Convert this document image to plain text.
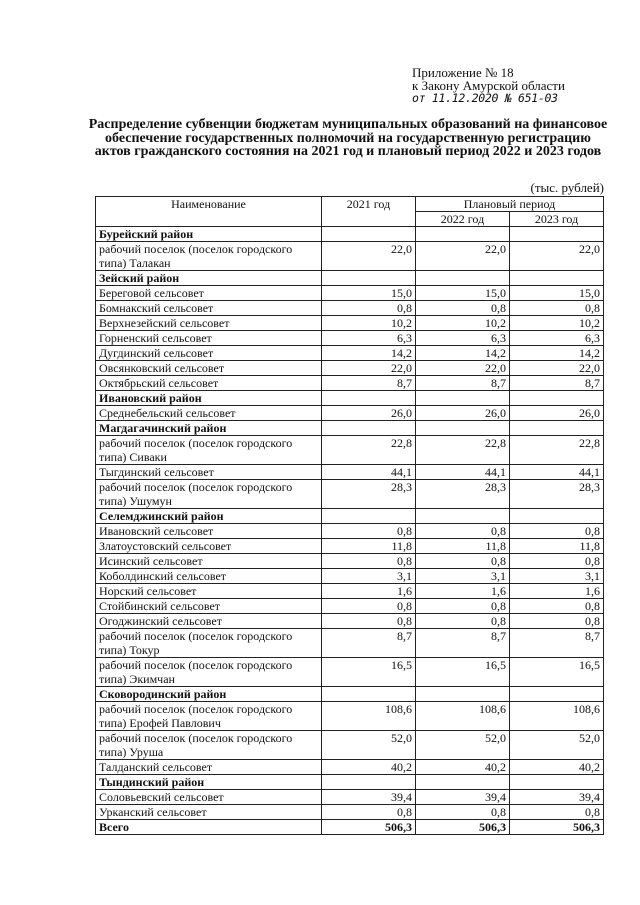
Приложение № 18
к Закону Амурской области
от 11.12.2020 № 651-03
Распределение субвенции бюджетам муниципальных образований на финансовое обеспечение государственных полномочий на государственную регистрацию актов гражданского состояния на 2021 год и плановый период 2022 и 2023 годов
(тыс. рублей)
Наименование	2021 год	Плановый период	
		2022 год	2023 год
Бурейский район			
рабочий поселок (поселок городского типа) Талакан	22,0	22,0	22,0
Зейский район			
Береговой сельсовет	15,0	15,0	15,0
Бомнакский сельсовет	0,8	0,8	0,8
Верхнезейский сельсовет	10,2	10,2	10,2
Горненский сельсовет	6,3	6,3	6,3
Дугдинский сельсовет	14,2	14,2	14,2
Овсянковский сельсовет	22,0	22,0	22,0
Октябрьский сельсовет	8,7	8,7	8,7
Ивановский район			
Среднебельский сельсовет	26,0	26,0	26,0
Магдагачинский район			
рабочий поселок (поселок городского типа) Сиваки	22,8	22,8	22,8
Тыгдинский сельсовет	44,1	44,1	44,1
рабочий поселок (поселок городского типа) Ушумун	28,3	28,3	28,3
Селемджинский район			
Ивановский сельсовет	0,8	0,8	0,8
Златоустовский сельсовет	11,8	11,8	11,8
Исинский сельсовет	0,8	0,8	0,8
Коболдинский сельсовет	3,1	3,1	3,1
Норский сельсовет	1,6	1,6	1,6
Стойбинский сельсовет	0,8	0,8	0,8
Огоджинский сельсовет	0,8	0,8	0,8
рабочий поселок (поселок городского типа) Токур	8,7	8,7	8,7
рабочий поселок (поселок городского типа) Экимчан	16,5	16,5	16,5
Сковородинский район			
рабочий поселок (поселок городского типа) Ерофей Павлович	108,6	108,6	108,6
рабочий поселок (поселок городского типа) Уруша	52,0	52,0	52,0
Талданский сельсовет	40,2	40,2	40,2
Тындинский район			
Соловьевский сельсовет	39,4	39,4	39,4
Урканский сельсовет	0,8	0,8	0,8
Всего	506,3	506,3	506,3
